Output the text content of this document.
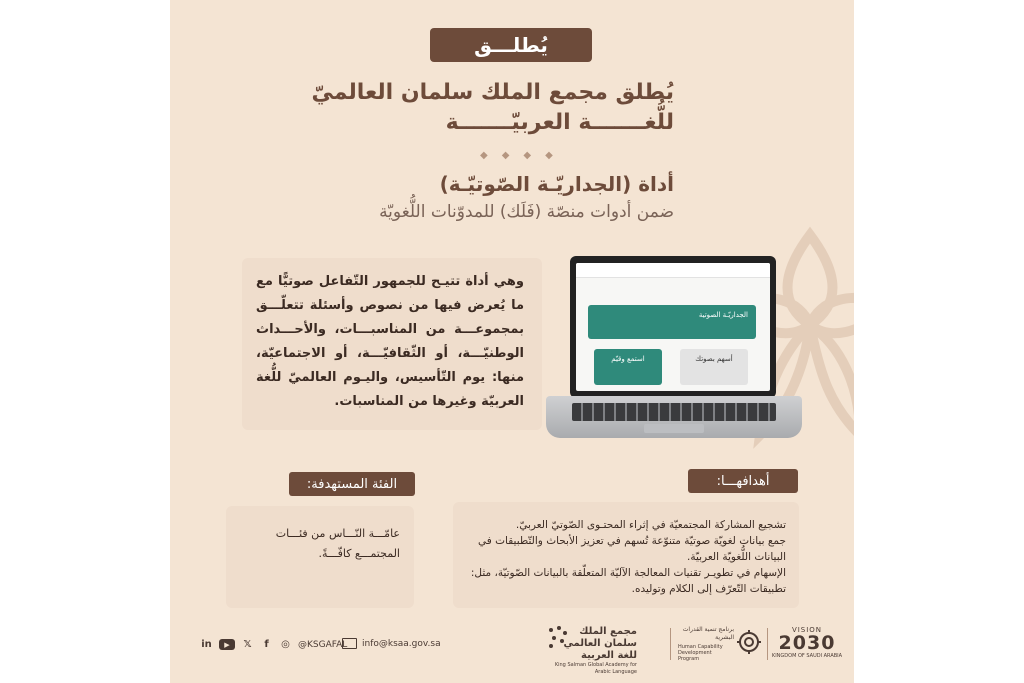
يُطلـــق
يُطلق مجمع الملك سلمان العالميّ
للُّغـــــــة العربيّـــــــة
◆◆◆◆
أداة (الجداريّـة الصّوتيّـة)
ضمن أدوات منصّة (فَلَك) للمدوّنات اللُّغويّة
وهي أداة تتيـح للجمهور التّفاعل صوتيًّا مع ما يُعرض فيها من نصوص وأسئلة تتعلّـــق بمجموعـــة من المناسبـــات، والأحـــداث الوطنيّـــة، أو الثّقافيّـــة، أو الاجتماعيّة، منها: يوم التّأسيس، واليـوم العالميّ للُّغة العربيّة وغيرها من المناسبات.
الجداريّـة الصوتية
استمع وقيّم	أسهم بصوتك
أهدافهـــا:
تشجيع المشاركة المجتمعيّة في إثراء المحتـوى الصّوتيّ العربيّ.
جمع بيانات لغويّة صوتيّة متنوّعة تُسهم في تعزيز الأبحاث والتّطبيقات في البيانات اللُّغويّة العربيّة.
الإسهام في تطويـر تقنيات المعالجة الآليّة المتعلّقة بالبيانات الصّوتيّة، مثل: تطبيقات التّعرّف إلى الكلام وتوليده.
الفئة المستهدفة:
عامّـــة النّـــاس من فئـــات المجتمـــع كافّـــةً.
in	▶	𝕏	f	◎ @KSGAFAL info@ksaa.gov.sa
مجمع الملك سلمان العالمي للغة العربية
King Salman Global Academy for Arabic Language
برنامج تنمية القدرات البشرية
Human Capability Development Program
VISION
2030
KINGDOM OF SAUDI ARABIA
